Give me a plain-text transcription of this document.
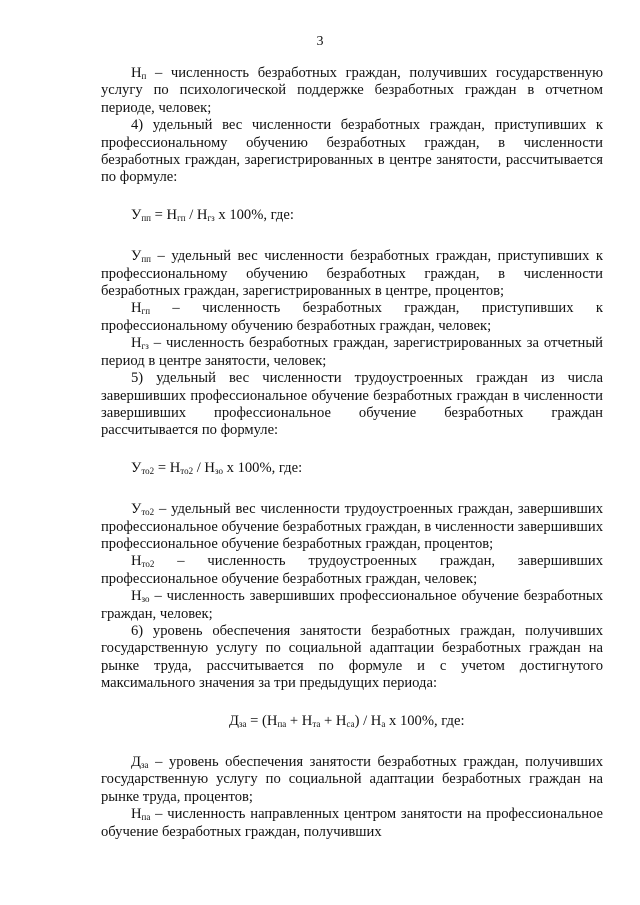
3

$Н_п$ – численность безработных граждан, получивших государственную услугу по психологической поддержке безработных граждан в отчетном периоде, человек;

4) удельный вес численности безработных граждан, приступивших к профессиональному обучению безработных граждан, в численности безработных граждан, зарегистрированных в центре занятости, рассчитывается по формуле:

$У_{пп} = Н_{гп} / Н_{гз}$ х 100%, где:

$У_{пп}$ – удельный вес численности безработных граждан, приступивших к профессиональному обучению безработных граждан, в численности безработных граждан, зарегистрированных в центре, процентов;

$Н_{гп}$ – численность безработных граждан, приступивших к профессиональному обучению безработных граждан, человек;

$Н_{гз}$ – численность безработных граждан, зарегистрированных за отчетный период в центре занятости, человек;

5) удельный вес численности трудоустроенных граждан из числа завершивших профессиональное обучение безработных граждан в численности завершивших профессиональное обучение безработных граждан рассчитывается по формуле:

$У_{то2} = Н_{то2} / Н_{зо}$ х 100%, где:

$У_{то2}$ – удельный вес численности трудоустроенных граждан, завершивших профессиональное обучение безработных граждан, в численности завершивших профессиональное обучение безработных граждан, процентов;

$Н_{то2}$ – численность трудоустроенных граждан, завершивших профессиональное обучение безработных граждан, человек;

$Н_{зо}$ – численность завершивших профессиональное обучение безработных граждан, человек;

6) уровень обеспечения занятости безработных граждан, получивших государственную услугу по социальной адаптации безработных граждан на рынке труда, рассчитывается по формуле и с учетом достигнутого максимального значения за три предыдущих периода:

$Д_{за} = (Н_{па} + Н_{та} + Н_{са}) / Н_а$ х 100%, где:

$Д_{за}$ – уровень обеспечения занятости безработных граждан, получивших государственную услугу по социальной адаптации безработных граждан на рынке труда, процентов;

$Н_{па}$ – численность направленных центром занятости на профессиональное обучение безработных граждан, получивших
